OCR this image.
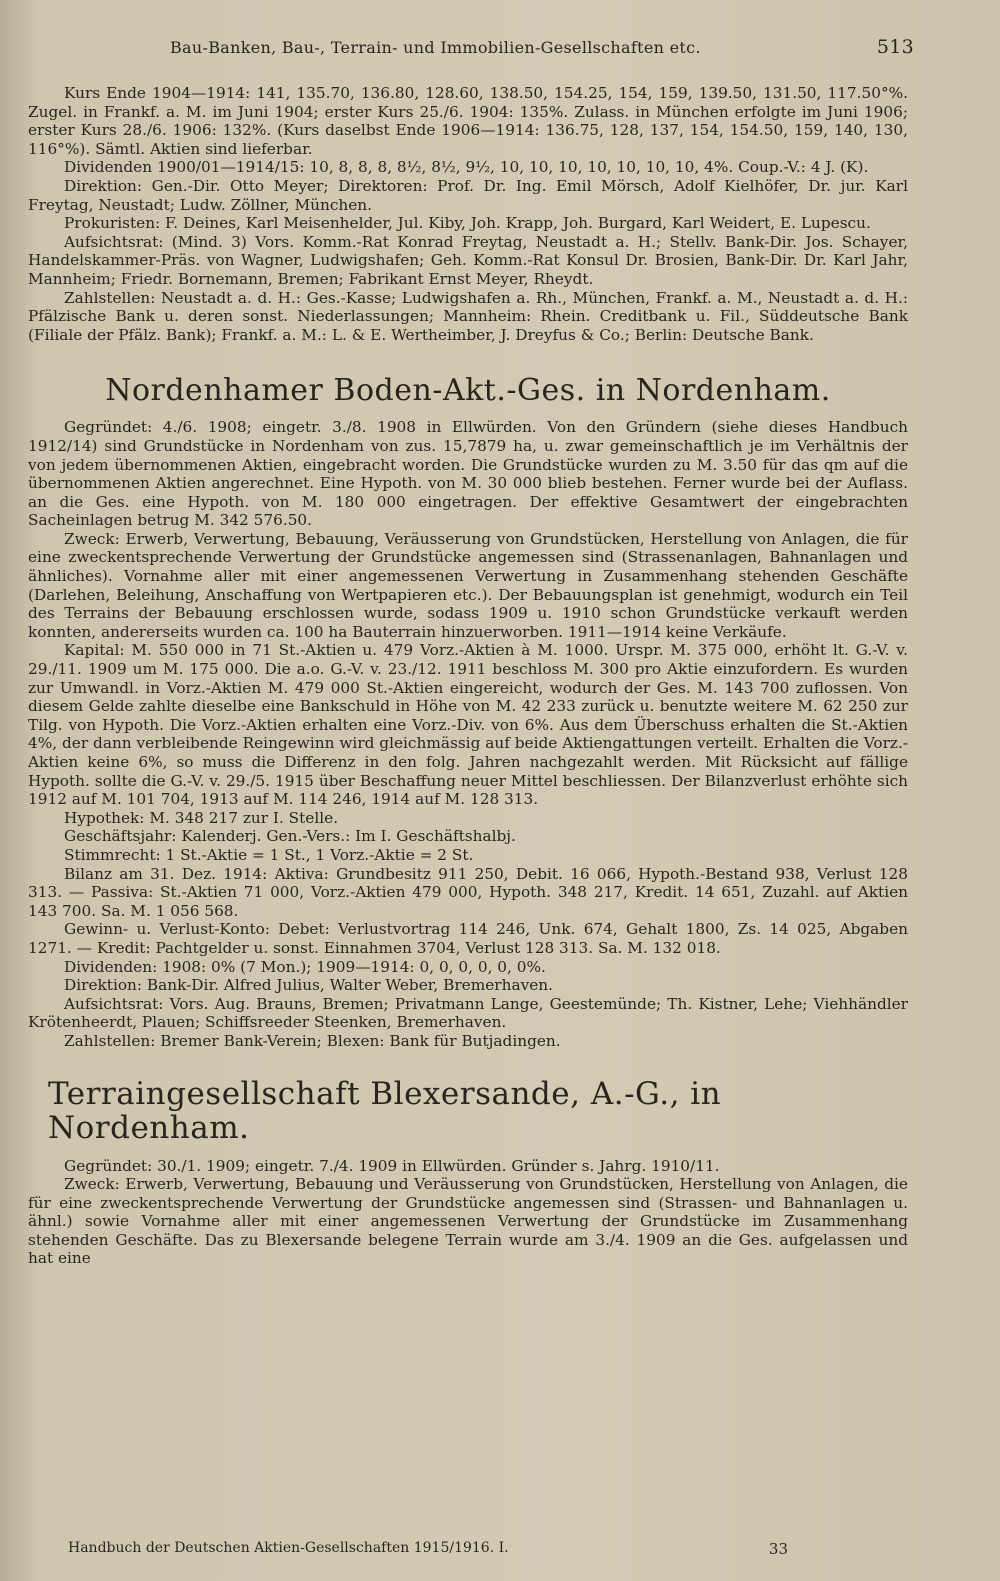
Bau-Banken, Bau-, Terrain- und Immobilien-Gesellschaften etc.	513

Kurs Ende 1904—1914: 141, 135.70, 136.80, 128.60, 138.50, 154.25, 154, 159, 139.50, 131.50, 117.50°%. Zugel. in Frankf. a. M. im Juni 1904; erster Kurs 25./6. 1904: 135%. Zulass. in München erfolgte im Juni 1906; erster Kurs 28./6. 1906: 132%. (Kurs daselbst Ende 1906—1914: 136.75, 128, 137, 154, 154.50, 159, 140, 130, 116°%). Sämtl. Aktien sind lieferbar.

Dividenden 1900/01—1914/15: 10, 8, 8, 8, 8½, 8½, 9½, 10, 10, 10, 10, 10, 10, 10, 4%. Coup.-V.: 4 J. (K).

Direktion: Gen.-Dir. Otto Meyer; Direktoren: Prof. Dr. Ing. Emil Mörsch, Adolf Kielhöfer, Dr. jur. Karl Freytag, Neustadt; Ludw. Zöllner, München.

Prokuristen: F. Deines, Karl Meisenhelder, Jul. Kiby, Joh. Krapp, Joh. Burgard, Karl Weidert, E. Lupescu.

Aufsichtsrat: (Mind. 3) Vors. Komm.-Rat Konrad Freytag, Neustadt a. H.; Stellv. Bank-Dir. Jos. Schayer, Handelskammer-Präs. von Wagner, Ludwigshafen; Geh. Komm.-Rat Konsul Dr. Brosien, Bank-Dir. Dr. Karl Jahr, Mannheim; Friedr. Bornemann, Bremen; Fabrikant Ernst Meyer, Rheydt.

Zahlstellen: Neustadt a. d. H.: Ges.-Kasse; Ludwigshafen a. Rh., München, Frankf. a. M., Neustadt a. d. H.: Pfälzische Bank u. deren sonst. Niederlassungen; Mannheim: Rhein. Creditbank u. Fil., Süddeutsche Bank (Filiale der Pfälz. Bank); Frankf. a. M.: L. & E. Wertheimber, J. Dreyfus & Co.; Berlin: Deutsche Bank.

Nordenhamer Boden-Akt.-Ges. in Nordenham.

Gegründet: 4./6. 1908; eingetr. 3./8. 1908 in Ellwürden. Von den Gründern (siehe dieses Handbuch 1912/14) sind Grundstücke in Nordenham von zus. 15,7879 ha, u. zwar gemeinschaftlich je im Verhältnis der von jedem übernommenen Aktien, eingebracht worden. Die Grundstücke wurden zu M. 3.50 für das qm auf die übernommenen Aktien angerechnet. Eine Hypoth. von M. 30 000 blieb bestehen. Ferner wurde bei der Auflass. an die Ges. eine Hypoth. von M. 180 000 eingetragen. Der effektive Gesamtwert der eingebrachten Sacheinlagen betrug M. 342 576.50.

Zweck: Erwerb, Verwertung, Bebauung, Veräusserung von Grundstücken, Herstellung von Anlagen, die für eine zweckentsprechende Verwertung der Grundstücke angemessen sind (Strassenanlagen, Bahnanlagen und ähnliches). Vornahme aller mit einer angemessenen Verwertung in Zusammenhang stehenden Geschäfte (Darlehen, Beleihung, Anschaffung von Wertpapieren etc.). Der Bebauungsplan ist genehmigt, wodurch ein Teil des Terrains der Bebauung erschlossen wurde, sodass 1909 u. 1910 schon Grundstücke verkauft werden konnten, andererseits wurden ca. 100 ha Bauterrain hinzuerworben. 1911—1914 keine Verkäufe.

Kapital: M. 550 000 in 71 St.-Aktien u. 479 Vorz.-Aktien à M. 1000. Urspr. M. 375 000, erhöht lt. G.-V. v. 29./11. 1909 um M. 175 000. Die a.o. G.-V. v. 23./12. 1911 beschloss M. 300 pro Aktie einzufordern. Es wurden zur Umwandl. in Vorz.-Aktien M. 479 000 St.-Aktien eingereicht, wodurch der Ges. M. 143 700 zuflossen. Von diesem Gelde zahlte dieselbe eine Bankschuld in Höhe von M. 42 233 zurück u. benutzte weitere M. 62 250 zur Tilg. von Hypoth. Die Vorz.-Aktien erhalten eine Vorz.-Div. von 6%. Aus dem Überschuss erhalten die St.-Aktien 4%, der dann verbleibende Reingewinn wird gleichmässig auf beide Aktiengattungen verteilt. Erhalten die Vorz.-Aktien keine 6%, so muss die Differenz in den folg. Jahren nachgezahlt werden. Mit Rücksicht auf fällige Hypoth. sollte die G.-V. v. 29./5. 1915 über Beschaffung neuer Mittel beschliessen. Der Bilanzverlust erhöhte sich 1912 auf M. 101 704, 1913 auf M. 114 246, 1914 auf M. 128 313.

Hypothek: M. 348 217 zur I. Stelle.

Geschäftsjahr: Kalenderj. Gen.-Vers.: Im I. Geschäftshalbj.

Stimmrecht: 1 St.-Aktie = 1 St., 1 Vorz.-Aktie = 2 St.

Bilanz am 31. Dez. 1914: Aktiva: Grundbesitz 911 250, Debit. 16 066, Hypoth.-Bestand 938, Verlust 128 313. — Passiva: St.-Aktien 71 000, Vorz.-Aktien 479 000, Hypoth. 348 217, Kredit. 14 651, Zuzahl. auf Aktien 143 700. Sa. M. 1 056 568.

Gewinn- u. Verlust-Konto: Debet: Verlustvortrag 114 246, Unk. 674, Gehalt 1800, Zs. 14 025, Abgaben 1271. — Kredit: Pachtgelder u. sonst. Einnahmen 3704, Verlust 128 313. Sa. M. 132 018.

Dividenden: 1908: 0% (7 Mon.); 1909—1914: 0, 0, 0, 0, 0, 0%.

Direktion: Bank-Dir. Alfred Julius, Walter Weber, Bremerhaven.

Aufsichtsrat: Vors. Aug. Brauns, Bremen; Privatmann Lange, Geestemünde; Th. Kistner, Lehe; Viehhändler Krötenheerdt, Plauen; Schiffsreeder Steenken, Bremerhaven.

Zahlstellen: Bremer Bank-Verein; Blexen: Bank für Butjadingen.

Terraingesellschaft Blexersande, A.-G., in Nordenham.

Gegründet: 30./1. 1909; eingetr. 7./4. 1909 in Ellwürden. Gründer s. Jahrg. 1910/11.

Zweck: Erwerb, Verwertung, Bebauung und Veräusserung von Grundstücken, Herstellung von Anlagen, die für eine zweckentsprechende Verwertung der Grundstücke angemessen sind (Strassen- und Bahnanlagen u. ähnl.) sowie Vornahme aller mit einer angemessenen Verwertung der Grundstücke im Zusammenhang stehenden Geschäfte. Das zu Blexersande belegene Terrain wurde am 3./4. 1909 an die Ges. aufgelassen und hat eine

Handbuch der Deutschen Aktien-Gesellschaften 1915/1916. I.	33
